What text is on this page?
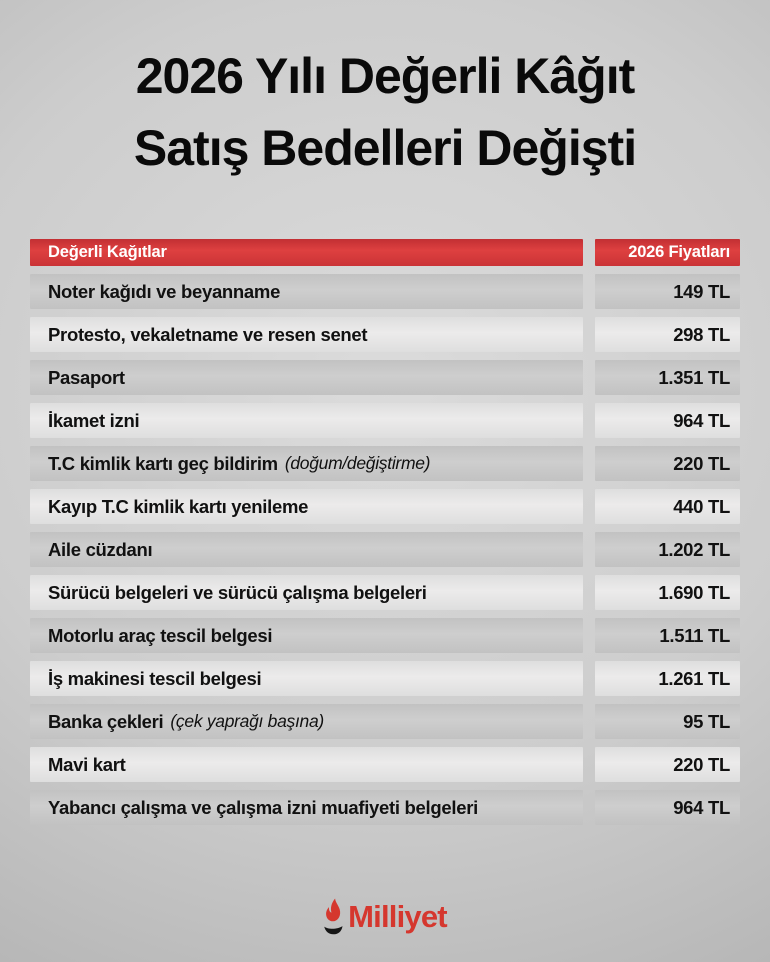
2026 Yılı Değerli Kâğıt
Satış Bedelleri Değişti
Değerli Kağıtlar	2026 Fiyatları
Noter kağıdı ve beyanname	149 TL
Protesto, vekaletname ve resen senet	298 TL
Pasaport	1.351 TL
İkamet izni	964 TL
T.C kimlik kartı geç bildirim (doğum/değiştirme)	220 TL
Kayıp T.C kimlik kartı yenileme	440 TL
Aile cüzdanı	1.202 TL
Sürücü belgeleri ve sürücü çalışma belgeleri	1.690 TL
Motorlu araç tescil belgesi	1.511 TL
İş makinesi tescil belgesi	1.261 TL
Banka çekleri (çek yaprağı başına)	95 TL
Mavi kart	220 TL
Yabancı çalışma ve çalışma izni muafiyeti belgeleri	964 TL
Milliyet
